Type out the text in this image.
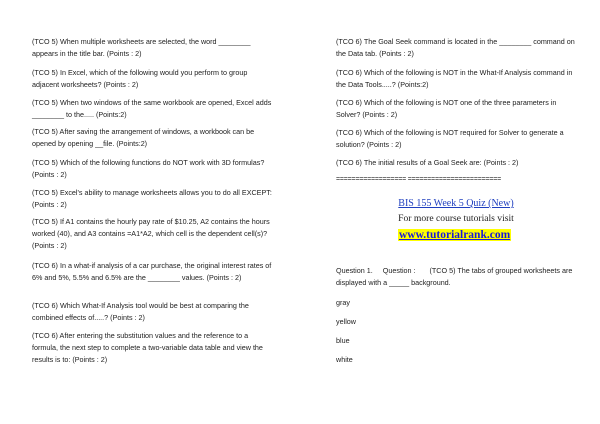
(TCO 5) When multiple worksheets are selected, the word ________ appears in the title bar. (Points : 2)

(TCO 5) In Excel, which of the following would you perform to group adjacent worksheets? (Points : 2)

(TCO 5) When two windows of the same workbook are opened, Excel adds ________ to the..... (Points:2)

(TCO 5) After saving the arrangement of windows, a workbook can be opened by opening __file. (Points:2)

(TCO 5) Which of the following functions do NOT work with 3D formulas? (Points : 2)

(TCO 5) Excel's ability to manage worksheets allows you to do all EXCEPT: (Points : 2)

(TCO 5) If A1 contains the hourly pay rate of $10.25, A2 contains the hours worked (40), and A3 contains =A1*A2, which cell is the dependent cell(s)? (Points : 2)

(TCO 6) In a what-if analysis of a car purchase, the original interest rates of 6% and 5%, 5.5% and 6.5% are the ________ values. (Points : 2)

(TCO 6) Which What-If Analysis tool would be best at comparing the combined effects of.....? (Points : 2)

(TCO 6) After entering the substitution values and the reference to a formula, the next step to complete a two-variable data table and view the results is to: (Points : 2)

(TCO 6) The Goal Seek command is located in the ________ command on the Data tab. (Points : 2)

(TCO 6) Which of the following is NOT in the What-If Analysis command in the Data Tools.....? (Points:2)

(TCO 6) Which of the following is NOT one of the three parameters in Solver? (Points : 2)

(TCO 6) Which of the following is NOT required for Solver to generate a solution? (Points : 2)

(TCO 6) The initial results of a Goal Seek are: (Points : 2)

================== ========================
BIS 155 Week 5 Quiz (New)
For more course tutorials visit
www.tutorialrank.com
Question 1. Question : (TCO 5) The tabs of grouped worksheets are displayed with a _____ background.
gray
yellow
blue
white
